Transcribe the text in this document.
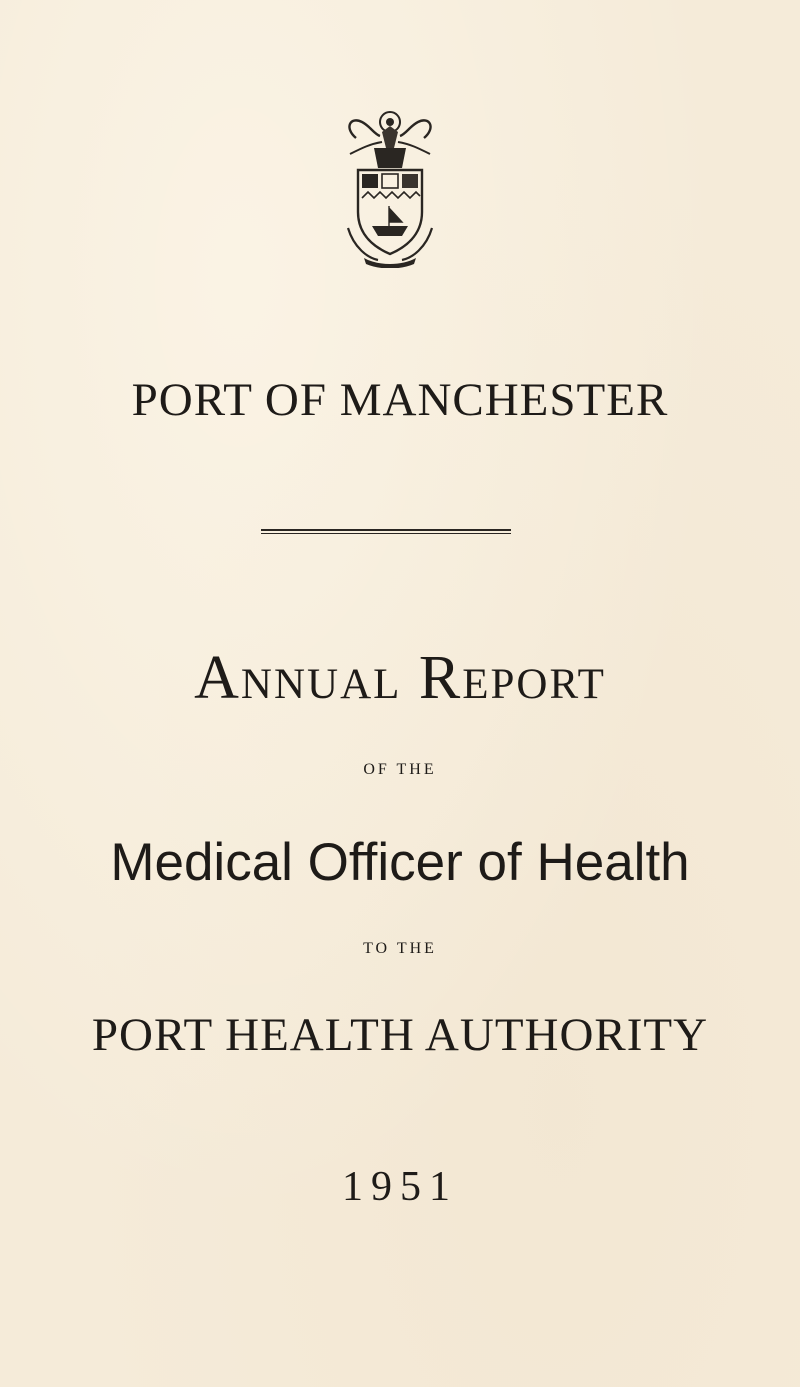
PORT OF MANCHESTER
Annual Report
OF THE
Medical Officer of Health
TO THE
PORT HEALTH AUTHORITY
1951
